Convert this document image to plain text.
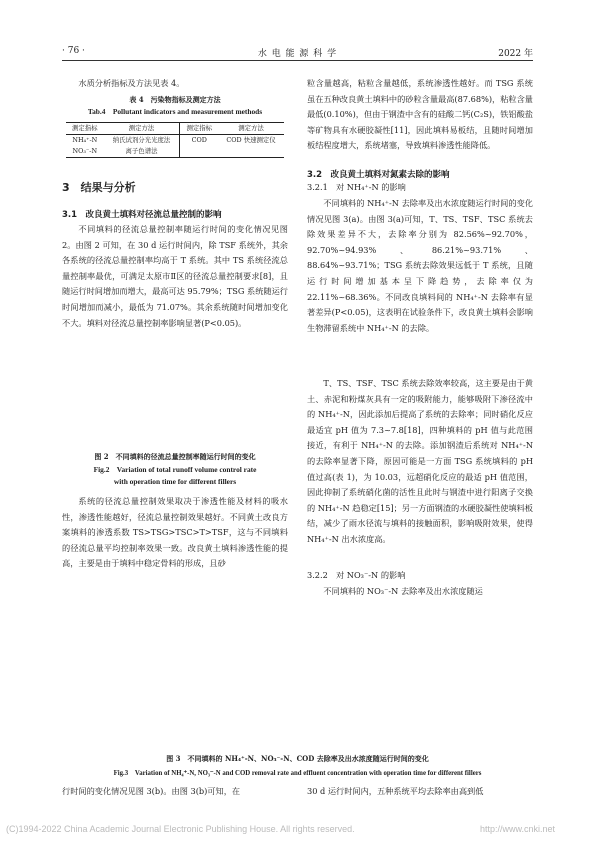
· 76 ·	水 电 能 源 科 学	2022 年

水质分析指标及方法见表 4。

表 4　污染物指标及测定方法
Tab.4　Pollutant indicators and measurement methods
测定指标	测定方法	测定指标	测定方法
NH₄⁺-N	纳氏试剂分光光度法	COD	COD 快速测定仪
NO₃⁻-N	离子色谱法		
3　结果与分析
3.1　改良黄土填料对径流总量控制的影响

不同填料的径流总量控制率随运行时间的变化情况见图 2。由图 2 可知，在 30 d 运行时间内，除 TSF 系统外，其余各系统的径流总量控制率均高于 T 系统。其中 TS 系统径流总量控制率最优，可满足太原市Ⅱ区的径流总量控制要求[8]，且随运行时间增加而增大，最高可达 95.79%；TSG 系统随运行时间增加而减小，最低为 71.07%。其余系统随时间增加变化不大。填料对径流总量控制率影响显著(P<0.05)。

图 2　不同填料的径流总量控制率随运行时间的变化
Fig.2　Variation of total runoff volume control rate
with operation time for different fillers

系统的径流总量控制效果取决于渗透性能及材料的吸水性，渗透性能越好，径流总量控制效果越好。不同黄土改良方案填料的渗透系数 TS>TSG>TSC>T>TSF，这与不同填料的径流总量平均控制率效果一致。改良黄土填料渗透性能的提高，主要是由于填料中稳定骨料的形成，且砂

粒含量越高，粘粒含量越低，系统渗透性越好。而 TSG 系统虽在五种改良黄土填料中的砂粒含量最高(87.68%)，粘粒含量最低(0.10%)，但由于钢渣中含有的硅酸二钙(C₂S)，铁铝酸盐等矿物具有水硬胶凝性[11]，因此填料易板结，且随时间增加板结程度增大，系统堵塞，导致填料渗透性能降低。

3.2　改良黄土填料对氮素去除的影响

3.2.1　对 NH₄⁺-N 的影响

不同填料的 NH₄⁺-N 去除率及出水浓度随运行时间的变化情况见图 3(a)。由图 3(a)可知，T、TS、TSF、TSC 系统去除效果差异不大，去除率分别为 82.56%~92.70%，92.70%~94.93%、86.21%~93.71%、88.64%~93.71%；TSG 系统去除效果远低于 T 系统，且随运行时间增加基本呈下降趋势，去除率仅为 22.11%~68.36%。不同改良填料间的 NH₄⁺-N 去除率有显著差异(P<0.05)，这表明在试验条件下，改良黄土填料会影响生物滞留系统中 NH₄⁺-N 的去除。

T、TS、TSF、TSC 系统去除效率较高，这主要是由于黄土、赤泥和粉煤灰具有一定的吸附能力，能够吸附下渗径流中的 NH₄⁺-N，因此添加后提高了系统的去除率；同时硝化反应最适宜 pH 值为 7.3~7.8[18]，四种填料的 pH 值与此范围接近，有利于 NH₄⁺-N 的去除。添加钢渣后系统对 NH₄⁺-N 的去除率显著下降，原因可能是一方面 TSG 系统填料的 pH 值过高(表 1)，为 10.03，远超硝化反应的最适 pH 值范围，因此抑制了系统硝化菌的活性且此时与钢渣中进行阳离子交换的 NH₄⁺-N 趋稳定[15]；另一方面钢渣的水硬胶凝性使填料板结，减少了雨水径流与填料的接触面积，影响吸附效果，使得 NH₄⁺-N 出水浓度高。

3.2.2　对 NO₃⁻-N 的影响

不同填料的 NO₃⁻-N 去除率及出水浓度随运

图 3　不同填料的 NH₄⁺-N、NO₃⁻-N、COD 去除率及出水浓度随运行时间的变化
Fig.3　Variation of NH₄⁺-N, NO₃⁻-N and COD removal rate and effluent concentration with operation time for different fillers
行时间的变化情况见图 3(b)。由图 3(b)可知，在	30 d 运行时间内，五种系统平均去除率由高到低
(C)1994-2022 China Academic Journal Electronic Publishing House. All rights reserved.	http://www.cnki.net
